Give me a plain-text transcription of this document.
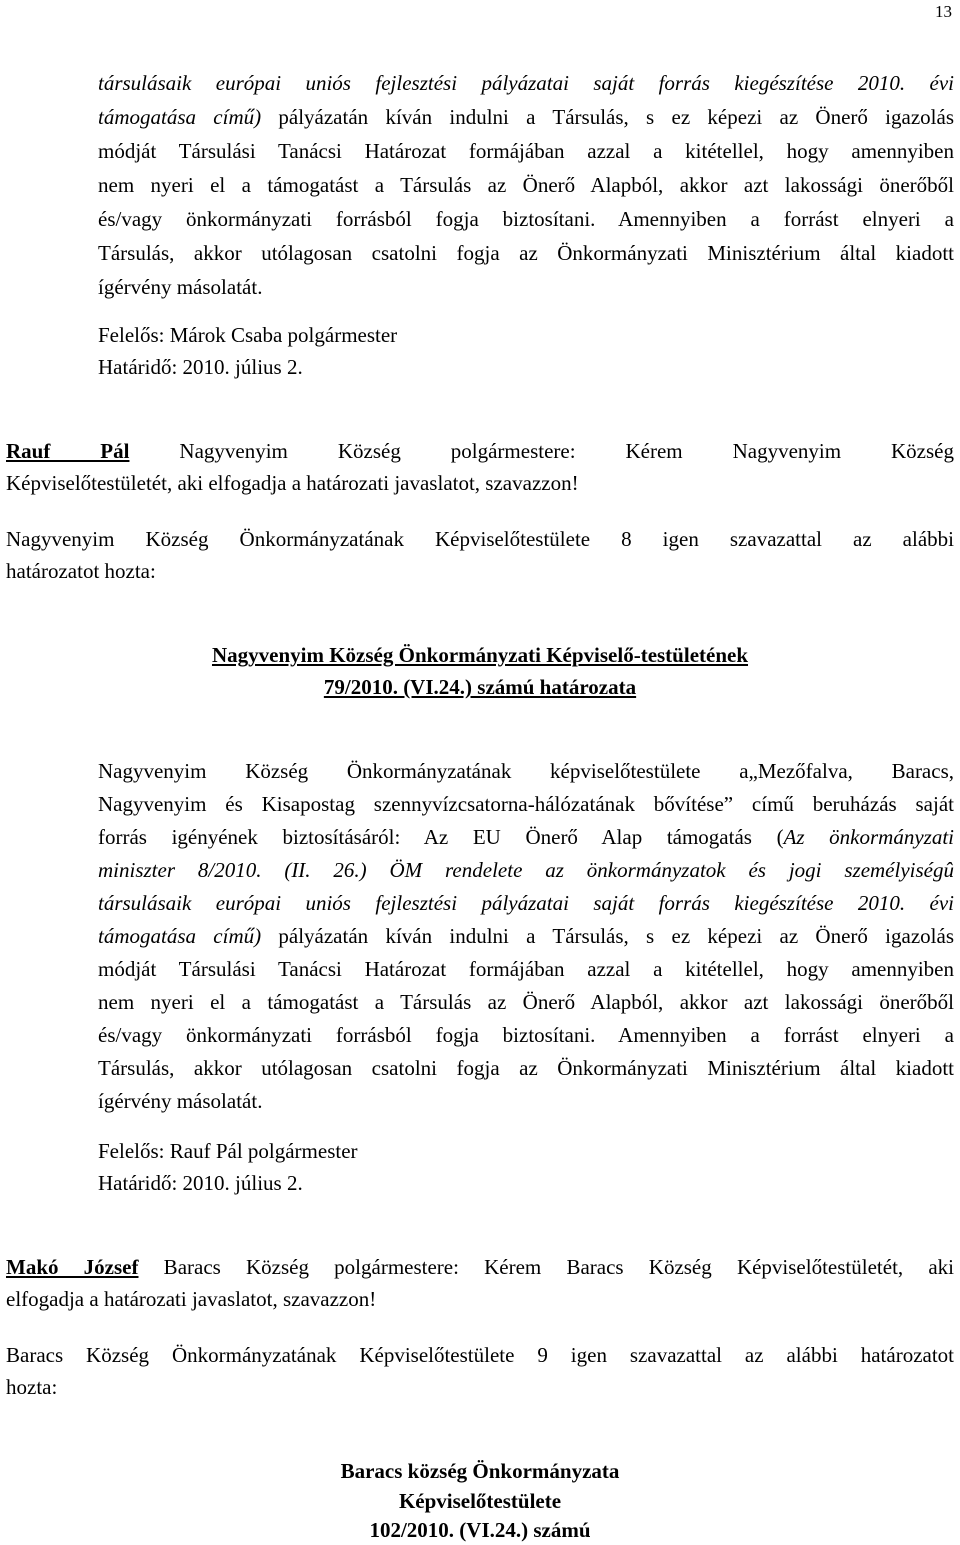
13
társulásaik európai uniós fejlesztési pályázatai saját forrás kiegészítése 2010. évi
támogatása című) pályázatán kíván indulni a Társulás, s ez képezi az Önerő igazolás
módját Társulási Tanácsi Határozat formájában azzal a kitétellel, hogy amennyiben
nem nyeri el a támogatást a Társulás az Önerő Alapból, akkor azt lakossági önerőből
és/vagy önkormányzati forrásból fogja biztosítani. Amennyiben a forrást elnyeri a
Társulás, akkor utólagosan csatolni fogja az Önkormányzati Minisztérium által kiadott
ígérvény másolatát.
Felelős: Márok Csaba polgármester
Határidő: 2010. július 2.
Rauf Pál Nagyvenyim Község polgármestere: Kérem Nagyvenyim Község
Képviselőtestületét, aki elfogadja a határozati javaslatot, szavazzon!
Nagyvenyim Község Önkormányzatának Képviselőtestülete 8 igen szavazattal az alábbi
határozatot hozta:
Nagyvenyim Község Önkormányzati Képviselő-testületének
79/2010. (VI.24.) számú határozata
Nagyvenyim Község Önkormányzatának képviselőtestülete a„Mezőfalva, Baracs,
Nagyvenyim és Kisapostag szennyvízcsatorna-hálózatának bővítése” című beruházás saját
forrás igényének biztosításáról: Az EU Önerő Alap támogatás (Az önkormányzati
miniszter 8/2010. (II. 26.) ÖM rendelete az önkormányzatok és jogi személyiségû
társulásaik európai uniós fejlesztési pályázatai saját forrás kiegészítése 2010. évi
támogatása című) pályázatán kíván indulni a Társulás, s ez képezi az Önerő igazolás
módját Társulási Tanácsi Határozat formájában azzal a kitétellel, hogy amennyiben
nem nyeri el a támogatást a Társulás az Önerő Alapból, akkor azt lakossági önerőből
és/vagy önkormányzati forrásból fogja biztosítani. Amennyiben a forrást elnyeri a
Társulás, akkor utólagosan csatolni fogja az Önkormányzati Minisztérium által kiadott
ígérvény másolatát.
Felelős: Rauf Pál polgármester
Határidő: 2010. július 2.
Makó József Baracs Község polgármestere: Kérem Baracs Község Képviselőtestületét, aki
elfogadja a határozati javaslatot, szavazzon!
Baracs Község Önkormányzatának Képviselőtestülete 9 igen szavazattal az alábbi határozatot
hozta:
Baracs község Önkormányzata
Képviselőtestülete
102/2010. (VI.24.) számú
